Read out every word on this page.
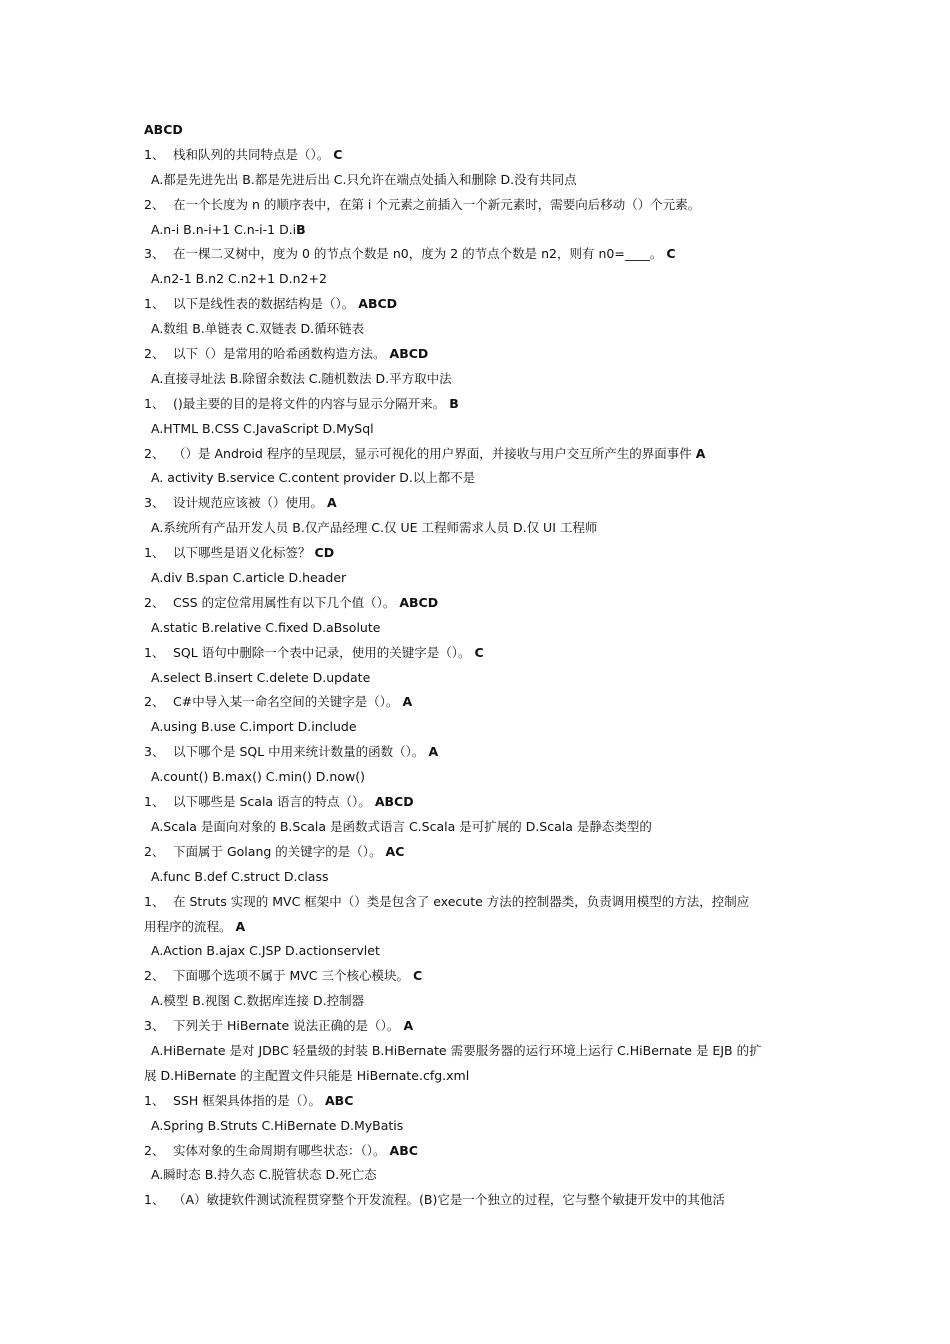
ABCD
1、 栈和队列的共同特点是（）。 C
A.都是先进先出 B.都是先进后出 C.只允许在端点处插入和删除 D.没有共同点
2、 在一个长度为 n 的顺序表中，在第 i 个元素之前插入一个新元素时，需要向后移动（）个元素。
A.n-i B.n-i+1 C.n-i-1 D.iB
3、 在一棵二叉树中，度为 0 的节点个数是 n0，度为 2 的节点个数是 n2，则有 n0=____。 C
A.n2-1 B.n2 C.n2+1 D.n2+2
1、 以下是线性表的数据结构是（）。 ABCD
A.数组 B.单链表 C.双链表 D.循环链表
2、 以下（）是常用的哈希函数构造方法。 ABCD
A.直接寻址法 B.除留余数法 C.随机数法 D.平方取中法
1、 ()最主要的目的是将文件的内容与显示分隔开来。 B
A.HTML B.CSS C.JavaScript D.MySql
2、 （）是 Android 程序的呈现层，显示可视化的用户界面，并接收与用户交互所产生的界面事件 A
A. activity B.service C.content provider D.以上都不是
3、 设计规范应该被（）使用。 A
A.系统所有产品开发人员 B.仅产品经理 C.仅 UE 工程师需求人员 D.仅 UI 工程师
1、 以下哪些是语义化标签？ CD
A.div B.span C.article D.header
2、 CSS 的定位常用属性有以下几个值（）。 ABCD
A.static B.relative C.fixed D.aBsolute
1、 SQL 语句中删除一个表中记录，使用的关键字是（）。 C
A.select B.insert C.delete D.update
2、 C#中导入某一命名空间的关键字是（）。 A
A.using B.use C.import D.include
3、 以下哪个是 SQL 中用来统计数量的函数（）。 A
A.count() B.max() C.min() D.now()
1、 以下哪些是 Scala 语言的特点（）。 ABCD
A.Scala 是面向对象的 B.Scala 是函数式语言 C.Scala 是可扩展的 D.Scala 是静态类型的
2、 下面属于 Golang 的关键字的是（）。 AC
A.func B.def C.struct D.class
1、 在 Struts 实现的 MVC 框架中（）类是包含了 execute 方法的控制器类，负责调用模型的方法，控制应
用程序的流程。 A
A.Action B.ajax C.JSP D.actionservlet
2、 下面哪个选项不属于 MVC 三个核心模块。 C
A.模型 B.视图 C.数据库连接 D.控制器
3、 下列关于 HiBernate 说法正确的是（）。 A
A.HiBernate 是对 JDBC 轻量级的封装 B.HiBernate 需要服务器的运行环境上运行 C.HiBernate 是 EJB 的扩
展 D.HiBernate 的主配置文件只能是 HiBernate.cfg.xml
1、 SSH 框架具体指的是（）。 ABC
A.Spring B.Struts C.HiBernate D.MyBatis
2、 实体对象的生命周期有哪些状态：（）。 ABC
A.瞬时态 B.持久态 C.脱管状态 D.死亡态
1、 （A）敏捷软件测试流程贯穿整个开发流程。(B)它是一个独立的过程，它与整个敏捷开发中的其他活
